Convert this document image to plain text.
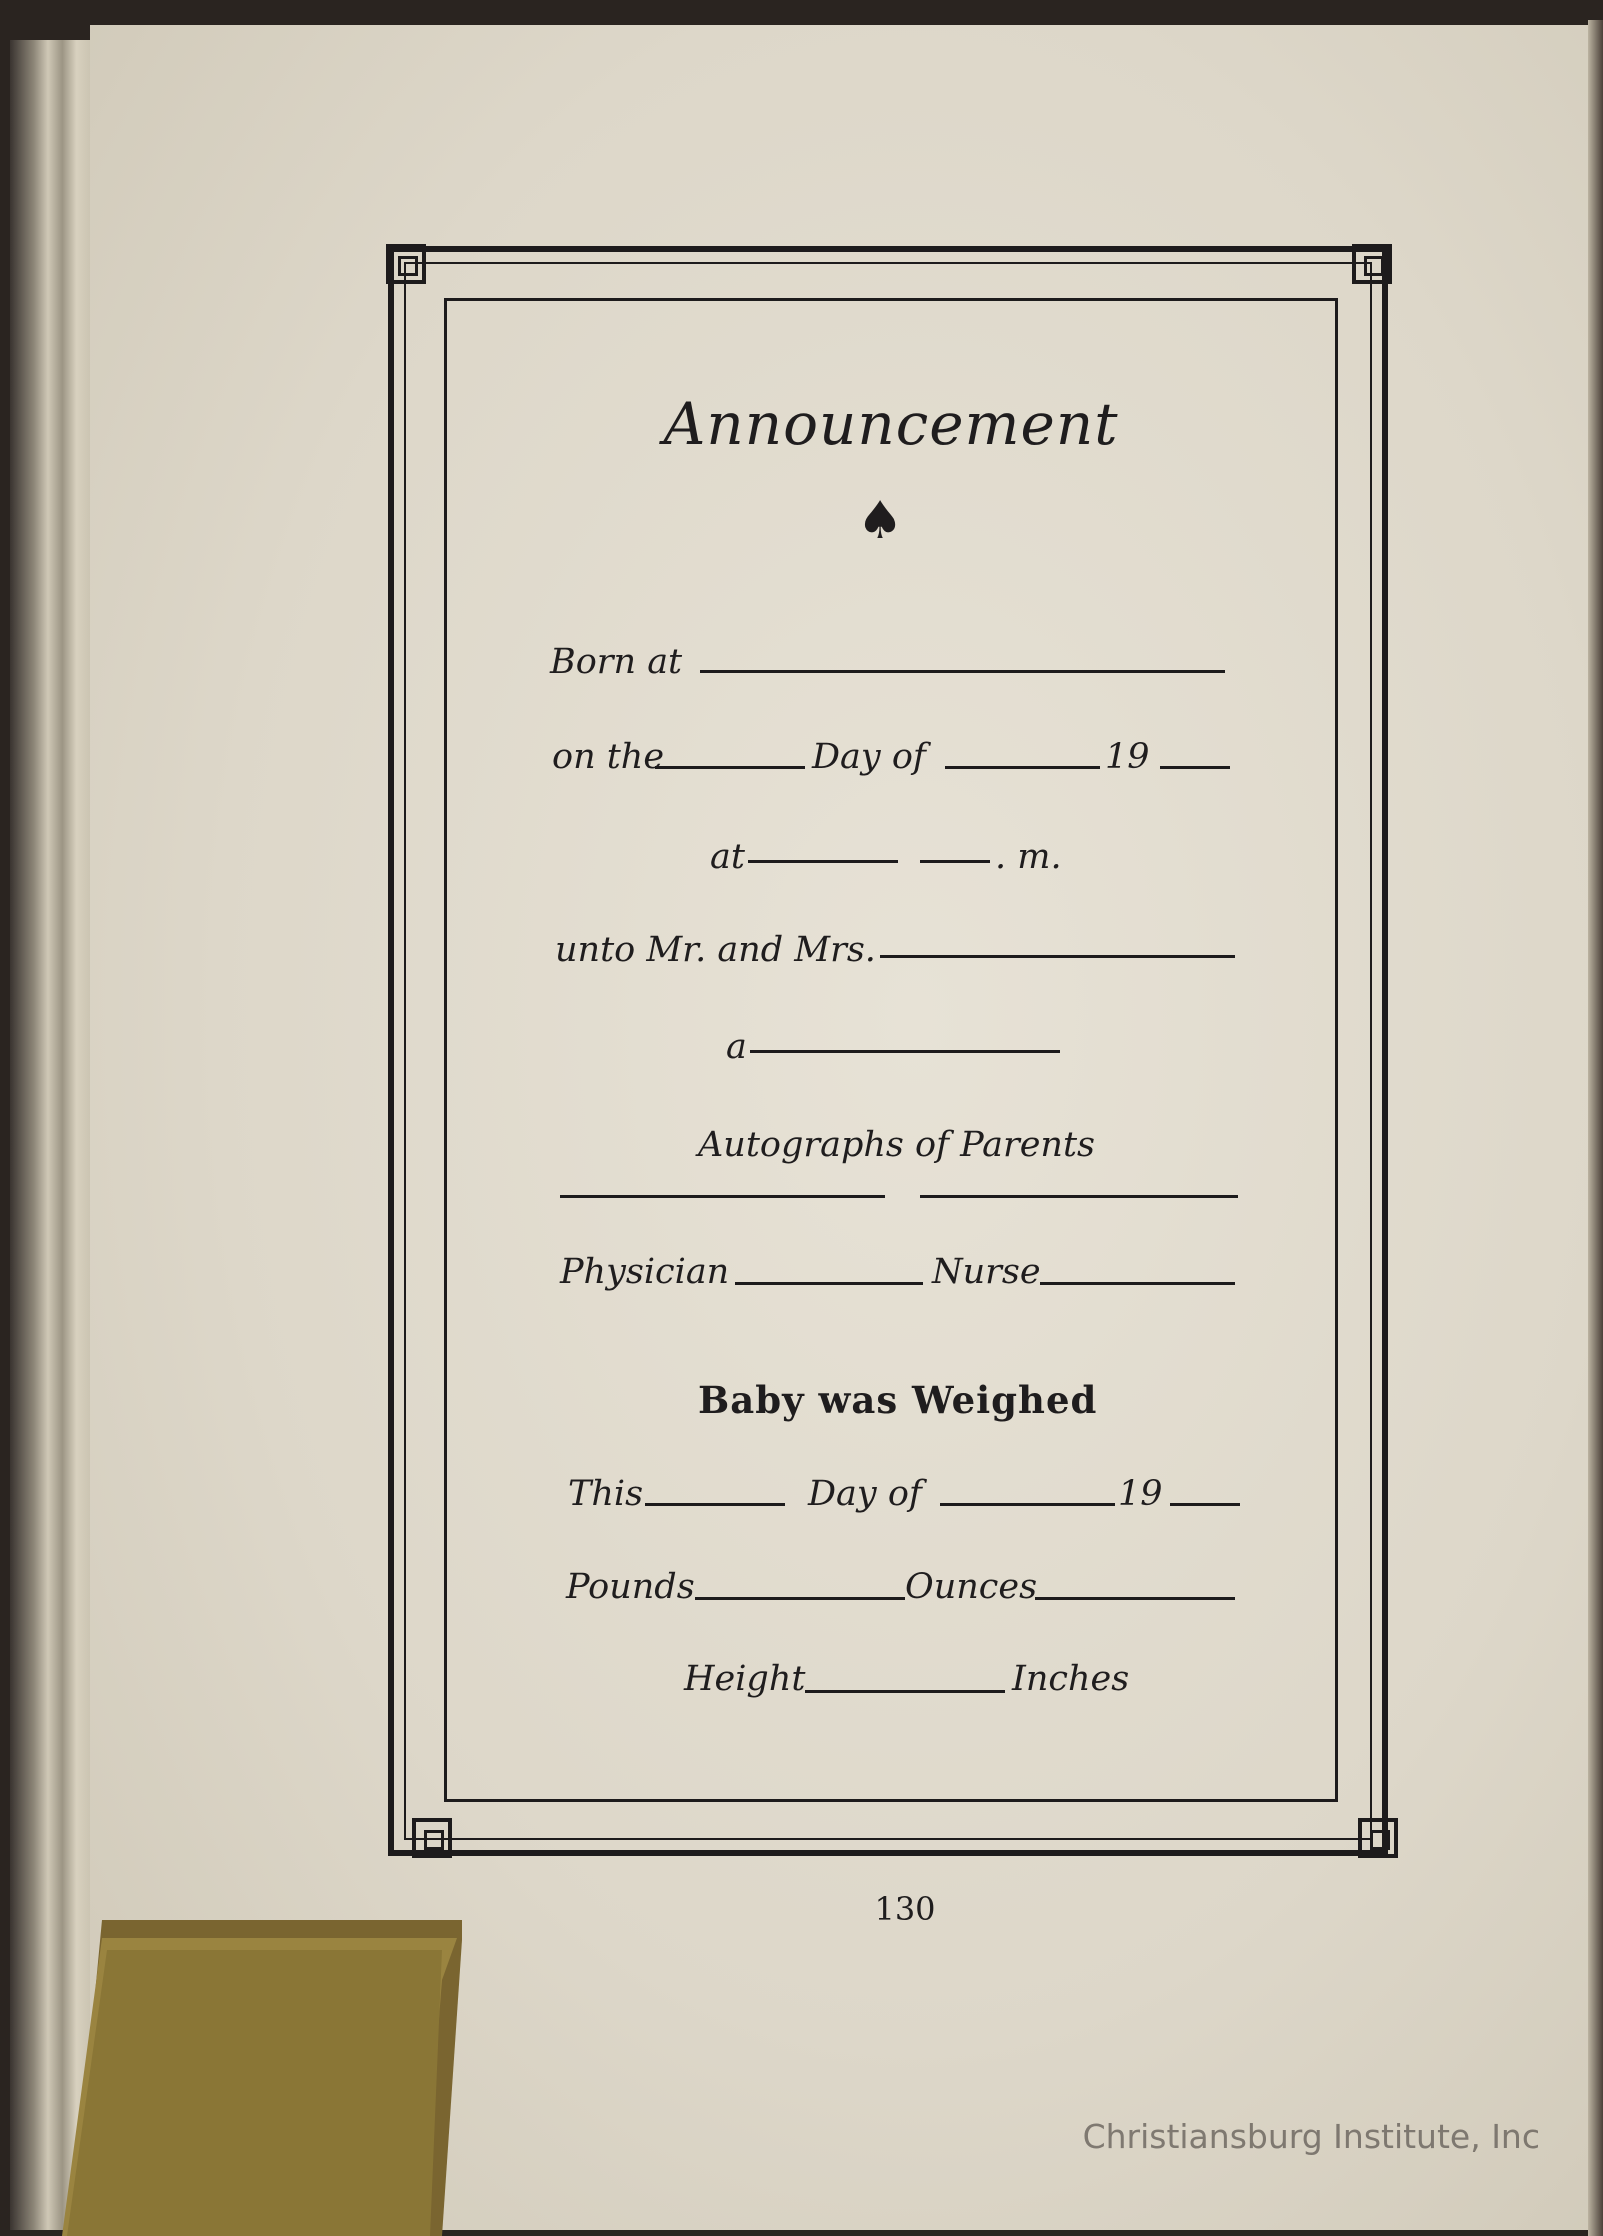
Announcement
♠
Born at
on the	Day of	19
at	. m.
unto Mr. and Mrs.
a
Autographs of Parents
Physician	Nurse
Baby was Weighed
This	Day of	19
Pounds	Ounces
Height	Inches
130
Christiansburg Institute, Inc
